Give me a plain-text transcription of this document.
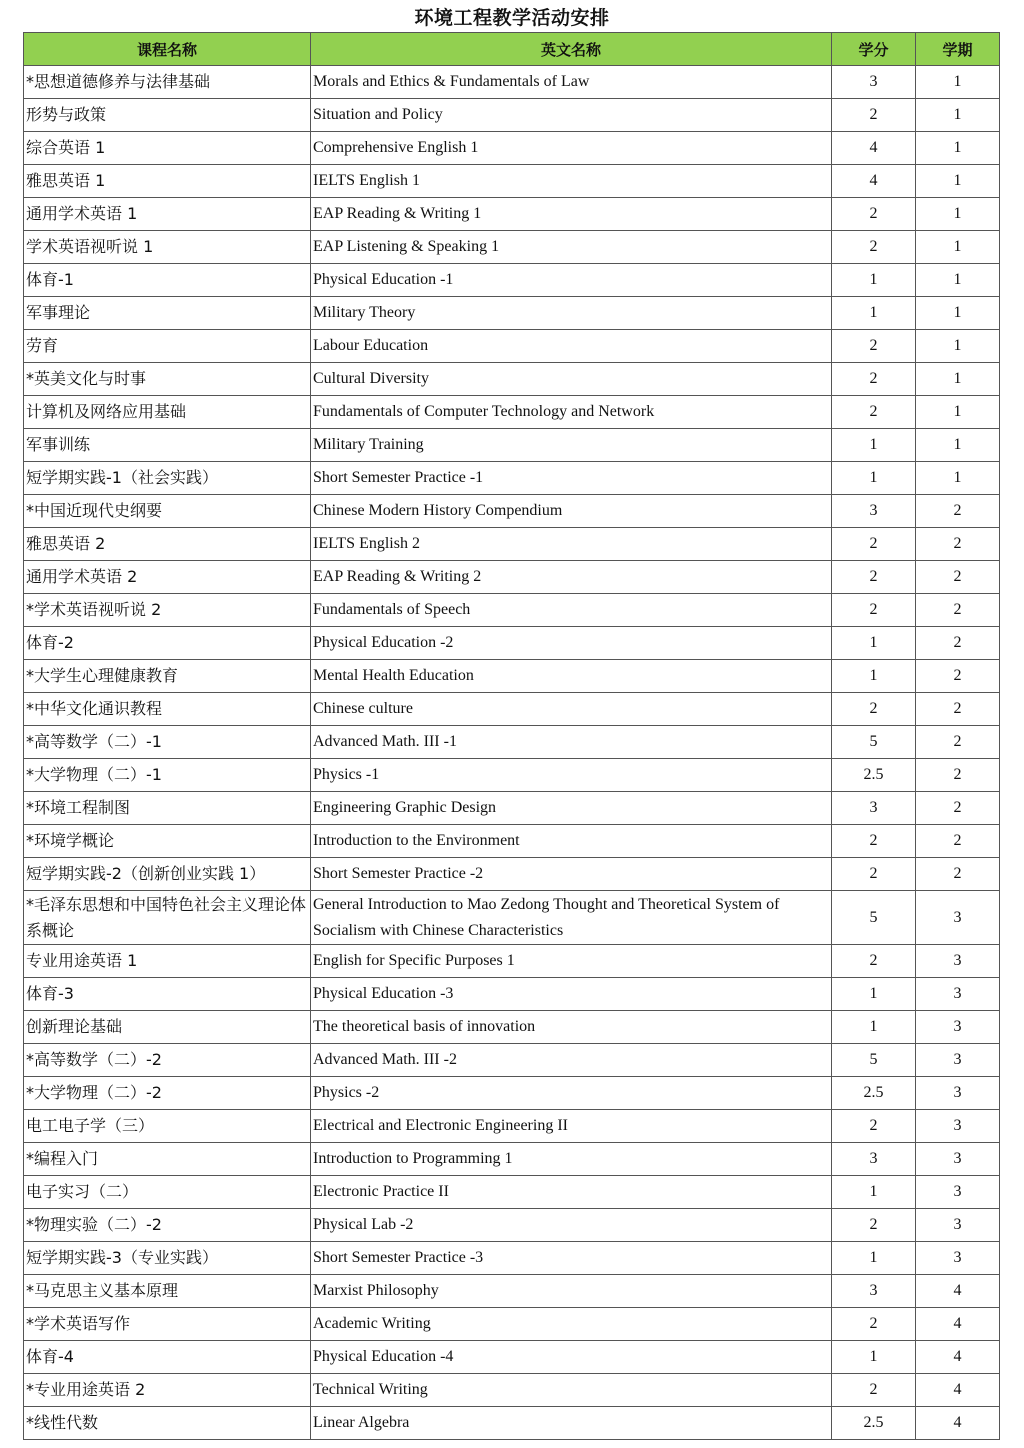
环境工程教学活动安排
课程名称	英文名称	学分	学期
*思想道德修养与法律基础	Morals and Ethics & Fundamentals of Law	3	1
形势与政策	Situation and Policy	2	1
综合英语 1	Comprehensive English 1	4	1
雅思英语 1	IELTS English 1	4	1
通用学术英语 1	EAP Reading & Writing 1	2	1
学术英语视听说 1	EAP Listening & Speaking 1	2	1
体育-1	Physical Education -1	1	1
军事理论	Military Theory	1	1
劳育	Labour Education	2	1
*英美文化与时事	Cultural Diversity	2	1
计算机及网络应用基础	Fundamentals of Computer Technology and Network	2	1
军事训练	Military Training	1	1
短学期实践-1（社会实践）	Short Semester Practice -1	1	1
*中国近现代史纲要	Chinese Modern History Compendium	3	2
雅思英语 2	IELTS English 2	2	2
通用学术英语 2	EAP Reading & Writing 2	2	2
*学术英语视听说 2	Fundamentals of Speech	2	2
体育-2	Physical Education -2	1	2
*大学生心理健康教育	Mental Health Education	1	2
*中华文化通识教程	Chinese culture	2	2
*高等数学（二）-1	Advanced Math. III -1	5	2
*大学物理（二）-1	Physics -1	2.5	2
*环境工程制图	Engineering Graphic Design	3	2
*环境学概论	Introduction to the Environment	2	2
短学期实践-2（创新创业实践 1）	Short Semester Practice -2	2	2
*毛泽东思想和中国特色社会主义理论体系概论	General Introduction to Mao Zedong Thought and Theoretical System of Socialism with Chinese Characteristics	5	3
专业用途英语 1	English for Specific Purposes 1	2	3
体育-3	Physical Education -3	1	3
创新理论基础	The theoretical basis of innovation	1	3
*高等数学（二）-2	Advanced Math. III -2	5	3
*大学物理（二）-2	Physics -2	2.5	3
电工电子学（三）	Electrical and Electronic Engineering II	2	3
*编程入门	Introduction to Programming 1	3	3
电子实习（二）	Electronic Practice II	1	3
*物理实验（二）-2	Physical Lab -2	2	3
短学期实践-3（专业实践）	Short Semester Practice -3	1	3
*马克思主义基本原理	Marxist Philosophy	3	4
*学术英语写作	Academic Writing	2	4
体育-4	Physical Education -4	1	4
*专业用途英语 2	Technical Writing	2	4
*线性代数	Linear Algebra	2.5	4
